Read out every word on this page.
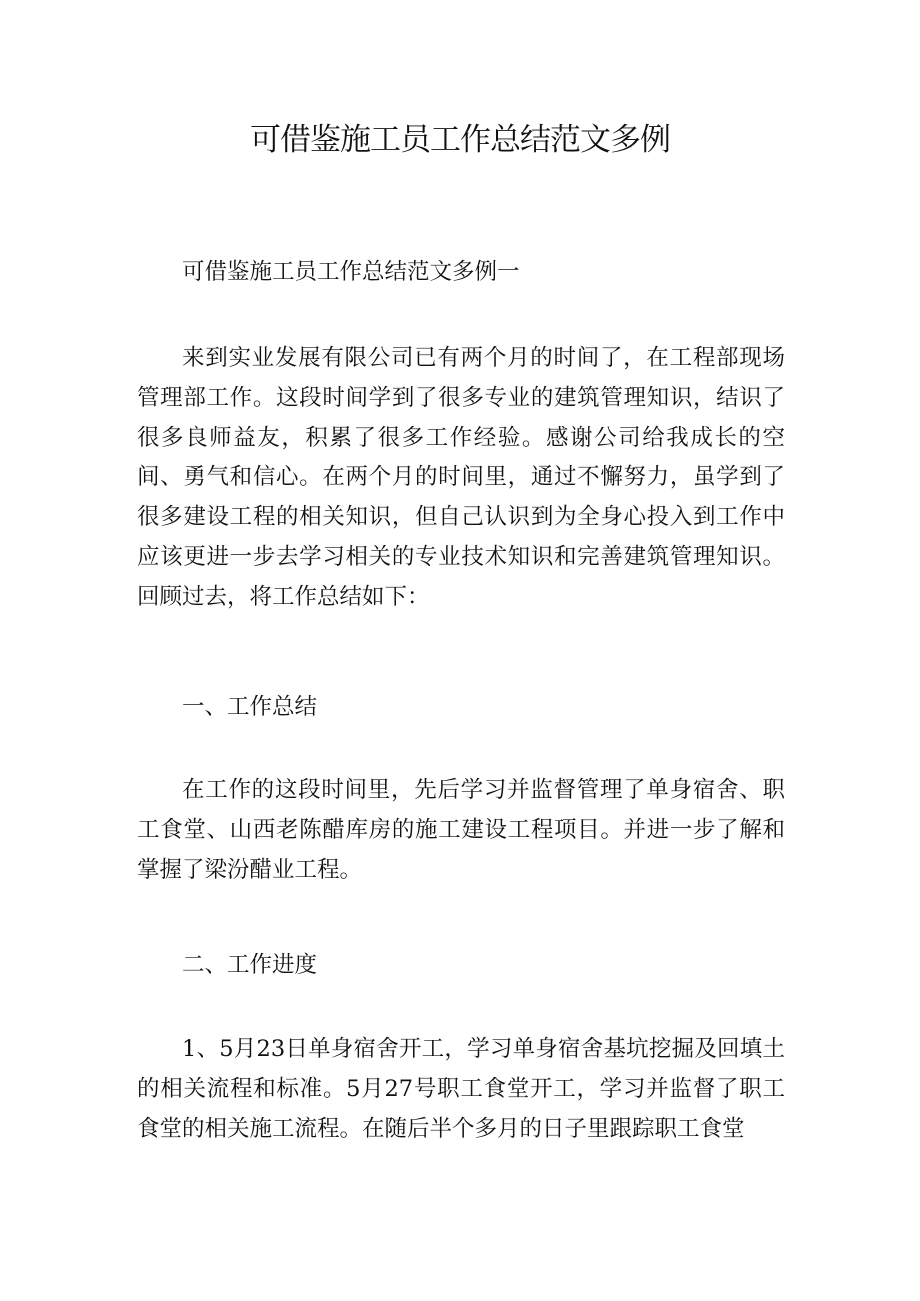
可借鉴施工员工作总结范文多例

可借鉴施工员工作总结范文多例一

来到实业发展有限公司已有两个月的时间了，在工程部现场管理部工作。这段时间学到了很多专业的建筑管理知识，结识了很多良师益友，积累了很多工作经验。感谢公司给我成长的空间、勇气和信心。在两个月的时间里，通过不懈努力，虽学到了很多建设工程的相关知识，但自己认识到为全身心投入到工作中应该更进一步去学习相关的专业技术知识和完善建筑管理知识。回顾过去，将工作总结如下：

一、工作总结

在工作的这段时间里，先后学习并监督管理了单身宿舍、职工食堂、山西老陈醋库房的施工建设工程项目。并进一步了解和掌握了梁汾醋业工程。

二、工作进度

1、5月23日单身宿舍开工，学习单身宿舍基坑挖掘及回填土的相关流程和标准。5月27号职工食堂开工，学习并监督了职工食堂的相关施工流程。在随后半个多月的日子里跟踪职工食堂
